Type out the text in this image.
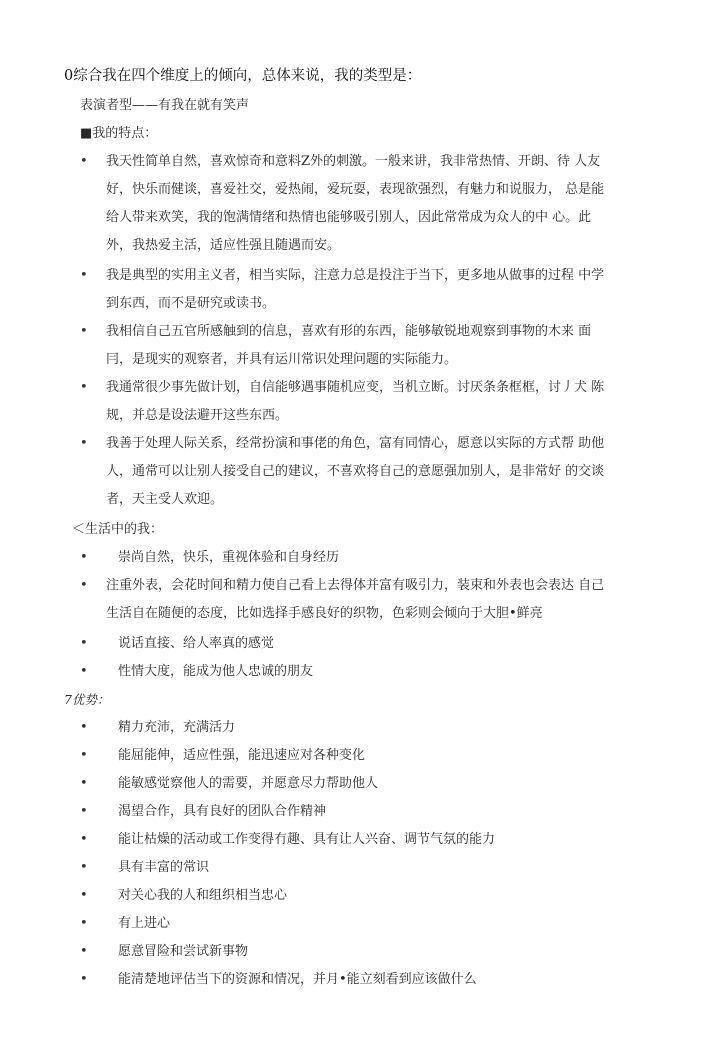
0综合我在四个维度上的倾向，总体来说，我的类型是：
表演者型——有我在就有笑声
■我的特点：
• 我天性简单自然，喜欢惊奇和意料Z外的刺激。一般来讲，我非常热情、开朗、待 人友
好，快乐而健谈，喜爱社交，爱热闹，爱玩耍，表现欲强烈，有魅力和说服力， 总是能
给人带来欢笑，我的饱满情绪和热情也能够吸引别人，因此常常成为众人的中 心。此
外，我热爱主活，适应性强且随遇而安。
• 我是典型的实用主义者，相当实际，注意力总是投注于当下，更多地从做事的过程 中学
到东西，而不是研究或读书。
• 我相信自己五官所感触到的信息，喜欢有形的东西，能够敏锐地观察到事物的木来 面
冃，是现实的观察者，并具有运川常识处理问题的实际能力。
• 我通常很少事先做计划，自信能够遇事随机应变，当机立断。讨厌条条框框，讨丿犬 陈
规，并总是设法避开这些东西。
• 我善于处理人际关系，经常扮演和事佬的角色，富有同情心，愿意以实际的方式帮 助他
人，通常可以让别人接受自己的建议，不喜欢将自己的意愿强加别人，是非常好 的交谈
者，天主受人欢迎。
＜生活中的我：
• 崇尚自然，快乐，重视体验和自身经历
• 注重外表，会花时间和精力使自己看上去得体并富有吸引力，装束和外表也会表达 自己
生活自在随便的态度，比如选择手感良好的织物，色彩则会倾向于大胆•鲜亮
• 说话直接、给人率真的感觉
• 性情大度，能成为他人忠诚的朋友
7优势：
• 精力充沛，充满活力
• 能屈能伸，适应性强，能迅速应对各种变化
• 能敏感觉察他人的需要，并愿意尽力帮助他人
• 渴望合作，具有良好的团队合作精神
• 能让枯燥的活动或工作变得冇趣、具有让人兴奋、调节气氛的能力
• 具有丰富的常识
• 对关心我的人和组织相当忠心
• 有上进心
• 愿意冒险和尝试新事物
• 能清楚地评估当下的资源和情况，并月•能立刻看到应该做什么
